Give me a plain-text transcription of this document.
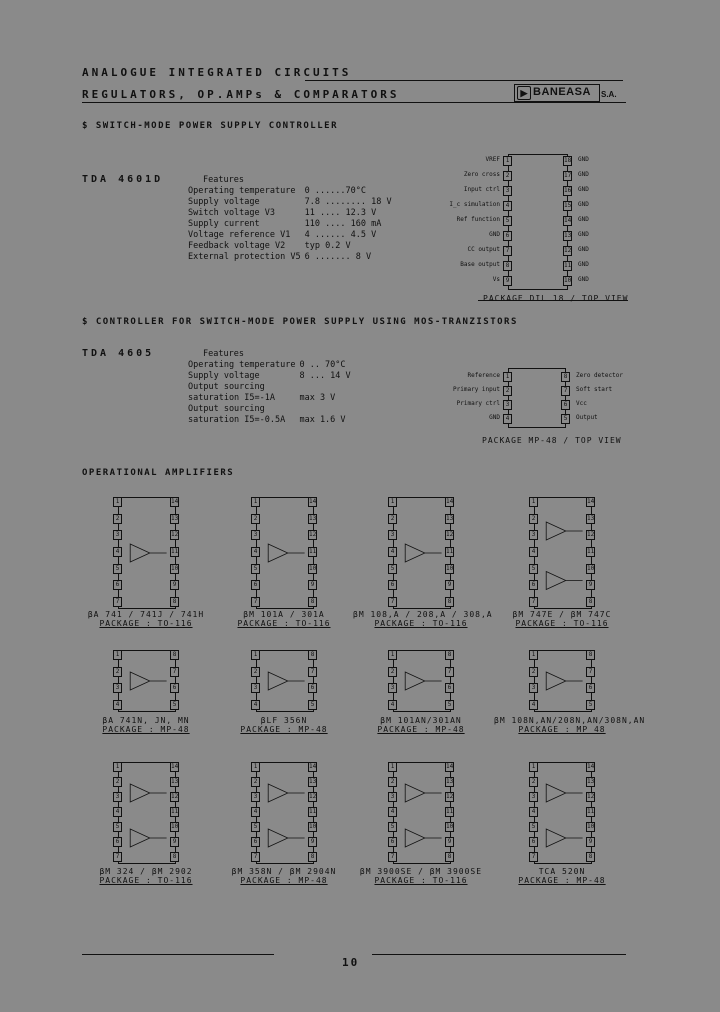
ANALOGUE INTEGRATED CIRCUITS
REGULATORS, OP.AMPs & COMPARATORS	▶ BANEASA S.A.
$ SWITCH-MODE POWER SUPPLY CONTROLLER
TDA 4601D	Features
Operating temperature	0 ......70°C
Supply voltage	7.8 ........ 18 V
Switch voltage V3	11 .... 12.3 V
Supply current	110 .... 160 mA
Voltage reference V1	4 ...... 4.5 V
Feedback voltage V2	typ 0.2 V
External protection V5	6 ....... 8 V
VREF 1	18 GND
Zero cross 2	17 GND
Input ctrl 3	16 GND
I_c simulation 4	15 GND
Ref function 5	14 GND
GND 6	13 GND
CC output 7	12 GND
Base output 8	11 GND
Vs 9	10 GND
PACKAGE DIL 18 / TOP VIEW
$ CONTROLLER FOR SWITCH-MODE POWER SUPPLY USING MOS-TRANZISTORS
TDA 4605	Features
Operating temperature	0 .. 70°C
Supply voltage	8 ... 14 V
Output sourcing	
saturation I5=-1A	max 3 V
Output sourcing	
saturation I5=-0.5A	max 1.6 V
Reference 1	8	Zero detector
Primary input 2	7	Soft start
Primary ctrl 3	6	Vcc
GND 4	5	Output
PACKAGE MP-48 / TOP VIEW
OPERATIONAL AMPLIFIERS
1	14
2	13
3	12
4	11
5	10
6	9
7	8
βA 741 / 741J / 741H
PACKAGE : TO-116
1	14
2	13
3	12
4	11
5	10
6	9
7	8
βM 101A / 301A
PACKAGE : TO-116
1	14
2	13
3	12
4	11
5	10
6	9
7	8
βM 108,A / 208,A / 308,A
PACKAGE : TO-116
1	14
2	13
3	12
4	11
5	10
6	9
7	8
βM 747E / βM 747C
PACKAGE : TO-116
1	8
2	7
3	6
4	5
βA 741N, JN, MN
PACKAGE : MP-48
1	8
2	7
3	6
4	5
βLF 356N
PACKAGE : MP-48
1	8
2	7
3	6
4	5
βM 101AN/301AN
PACKAGE : MP-48
1	8
2	7
3	6
4	5
βM 108N,AN/208N,AN/308N,AN
PACKAGE : MP 48
1	14
2	13
3	12
4	11
5	10
6	9
7	8
βM 324 / βM 2902
PACKAGE : TO-116
1	14
2	13
3	12
4	11
5	10
6	9
7	8
βM 358N / βM 2904N
PACKAGE : MP-48
1	14
2	13
3	12
4	11
5	10
6	9
7	8
βM 3900SE / βM 3900SE
PACKAGE : TO-116
1	14
2	13
3	12
4	11
5	10
6	9
7	8
TCA 520N
PACKAGE : MP-48
10
